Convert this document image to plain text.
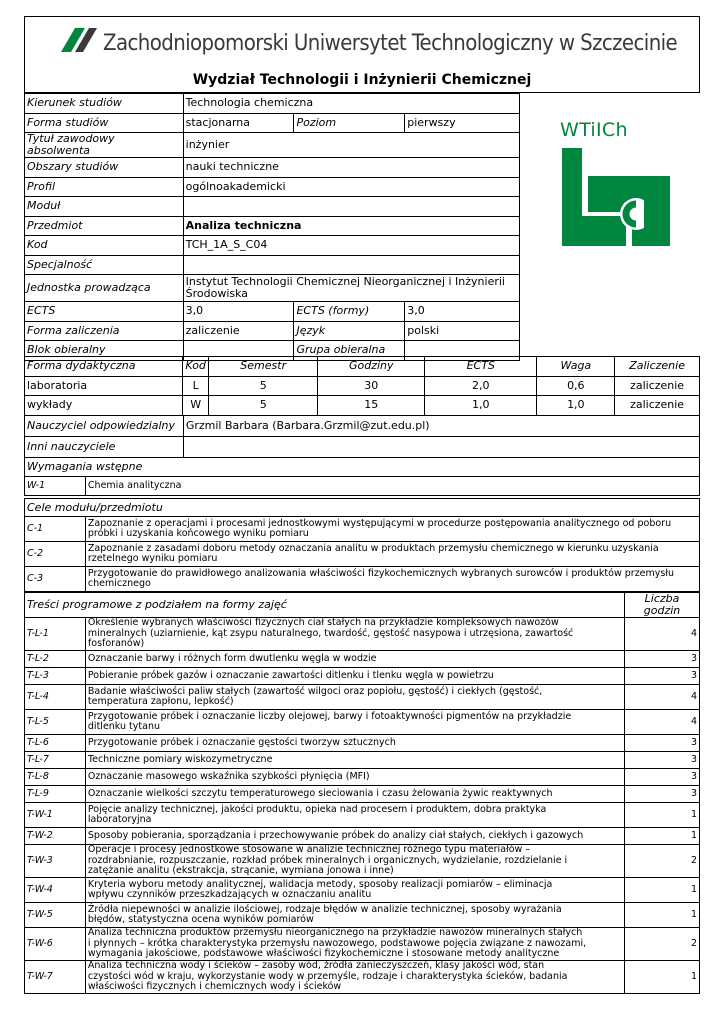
Zachodniopomorski Uniwersytet Technologiczny w Szczecinie
Wydział Technologii i Inżynierii Chemicznej
WTiICh
Kierunek studiów	Technologia chemiczna		
Forma studiów	stacjonarna	Poziom	pierwszy
Tytuł zawodowy absolwenta	inżynier		
Obszary studiów	nauki techniczne		
Profil	ogólnoakademicki		
Moduł			
Przedmiot	Analiza techniczna		
Kod	TCH_1A_S_C04		
Specjalność			
Jednostka prowadząca	Instytut Technologii Chemicznej Nieorganicznej i Inżynierii
Środowiska		

ECTS	3,0	ECTS (formy)	3,0
Forma zaliczenia	zaliczenie	Język	polski
Blok obieralny		Grupa obieralna	
Forma dydaktyczna	Kod	Semestr	Godziny	ECTS	Waga	Zaliczenie
laboratoria	L	5	30	2,0	0,6	zaliczenie
wykłady	W	5	15	1,0	1,0	zaliczenie
Nauczyciel odpowiedzialny	Grzmil Barbara (Barbara.Grzmil@zut.edu.pl)
Inni nauczyciele	
Wymagania wstępne
W-1	Chemia analityczna
Cele modułu/przedmiotu	
C-1	Zapoznanie z operacjami i procesami jednostkowymi występującymi w procedurze postępowania analitycznego od poboru
próbki i uzyskania końcowego wyniku pomiaru

C-2	Zapoznanie z zasadami doboru metody oznaczania analitu w produktach przemysłu chemicznego w kierunku uzyskania
rzetelnego wyniku pomiaru

C-3	Przygotowanie do prawidłowego analizowania właściwości fizykochemicznych wybranych surowców i produktów przemysłu
chemicznego
Treści programowe z podziałem na formy zajęć		Liczba godzin
T-L-1	Określenie wybranych właściwości fizycznych ciał stałych na przykładzie kompleksowych nawozów
mineralnych (uziarnienie, kąt zsypu naturalnego, twardość, gęstość nasypowa i utrzęsiona, zawartość
fosforanów)	4
T-L-2	Oznaczanie barwy i różnych form dwutlenku węgla w wodzie	3
T-L-3	Pobieranie próbek gazów i oznaczanie zawartości ditlenku i tlenku węgla w powietrzu	3
T-L-4	Badanie właściwości paliw stałych (zawartość wilgoci oraz popiołu, gęstość) i ciekłych (gęstość,
temperatura zapłonu, lepkość)	4
T-L-5	Przygotowanie próbek i oznaczanie liczby olejowej, barwy i fotoaktywności pigmentów na przykładzie
ditlenku tytanu	4
T-L-6	Przygotowanie próbek i oznaczanie gęstości tworzyw sztucznych	3
T-L-7	Techniczne pomiary wiskozymetryczne	3
T-L-8	Oznaczanie masowego wskaźnika szybkości płynięcia (MFI)	3
T-L-9	Oznaczanie wielkości szczytu temperaturowego sieciowania i czasu żelowania żywic reaktywnych	3
T-W-1	Pojęcie analizy technicznej, jakości produktu, opieka nad procesem i produktem, dobra praktyka
laboratoryjna	1
T-W-2	Sposoby pobierania, sporządzania i przechowywanie próbek do analizy ciał stałych, ciekłych i gazowych	1
T-W-3	Operacje i procesy jednostkowe stosowane w analizie technicznej różnego typu materiałów –
rozdrabnianie, rozpuszczanie, rozkład próbek mineralnych i organicznych, wydzielanie, rozdzielanie i
zatężanie analitu (ekstrakcja, strącanie, wymiana jonowa i inne)	2
T-W-4	Kryteria wyboru metody analitycznej, walidacja metody, sposoby realizacji pomiarów – eliminacja
wpływu czynników przeszkadzających w oznaczaniu analitu	1
T-W-5	Źródła niepewności w analizie ilościowej, rodzaje błędów w analizie technicznej, sposoby wyrażania
błędów, statystyczna ocena wyników pomiarów	1
T-W-6	Analiza techniczna produktów przemysłu nieorganicznego na przykładzie nawozów mineralnych stałych
i płynnych – krótka charakterystyka przemysłu nawozowego, podstawowe pojęcia związane z nawozami,
wymagania jakościowe, podstawowe właściwości fizykochemiczne i stosowane metody analityczne	2
T-W-7	Analiza techniczna wody i ścieków – zasoby wód, źródła zanieczyszczeń, klasy jakości wód, stan
czystości wód w kraju, wykorzystanie wody w przemyśle, rodzaje i charakterystyka ścieków, badania
właściwości fizycznych i chemicznych wody i ścieków	1
